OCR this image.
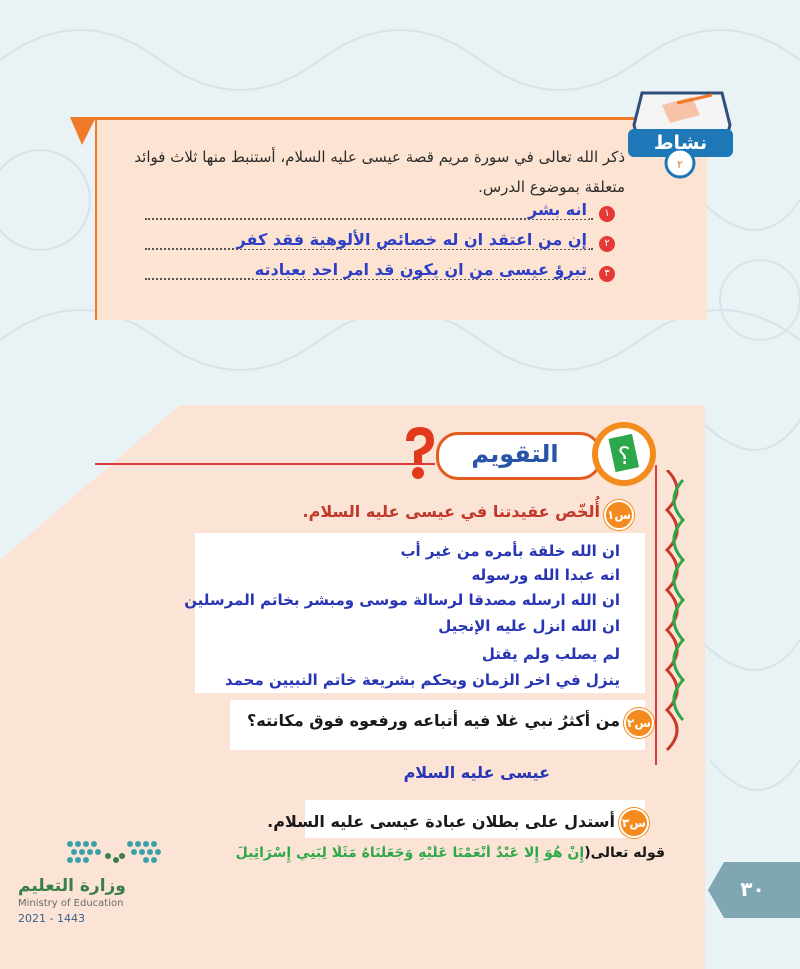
نشاط
٢
ذكر الله تعالى في سورة مريم قصة عيسى عليه السلام، أستنبط منها ثلاث فوائد متعلقة بموضوع الدرس.
١
انه بشر
٢
إن من اعتقد ان له خصائص الألوهية فقد كفر
٣
تبرؤ عيسى من ان يكون قد امر احد بعبادته
التقويم	؟
س١
أُلخّص عقيدتنا في عيسى عليه السلام.
ان الله خلقة بأمره من غير أب
انه عبدا الله ورسوله
ان الله ارسله مصدقا لرسالة موسى ومبشر بخاتم المرسلين
ان الله انزل عليه الإنجيل
لم يصلب ولم يقتل
ينزل في اخر الزمان ويحكم بشريعة خاتم النبيين محمد
س٢
من أكثرُ نبي غلا فيه أتباعه ورفعوه فوق مكانته؟
عيسى عليه السلام
س٣
أستدل على بطلان عبادة عيسى عليه السلام.
قوله تعالى(إِنْ هُوَ إِلَّا عَبْدٌ أَنْعَمْنَا عَلَيْهِ وَجَعَلْنَاهُ مَثَلًا لِبَنِي إِسْرَائِيلَ
وزارة التعليم
Ministry of Education
2021 - 1443
٣٠
